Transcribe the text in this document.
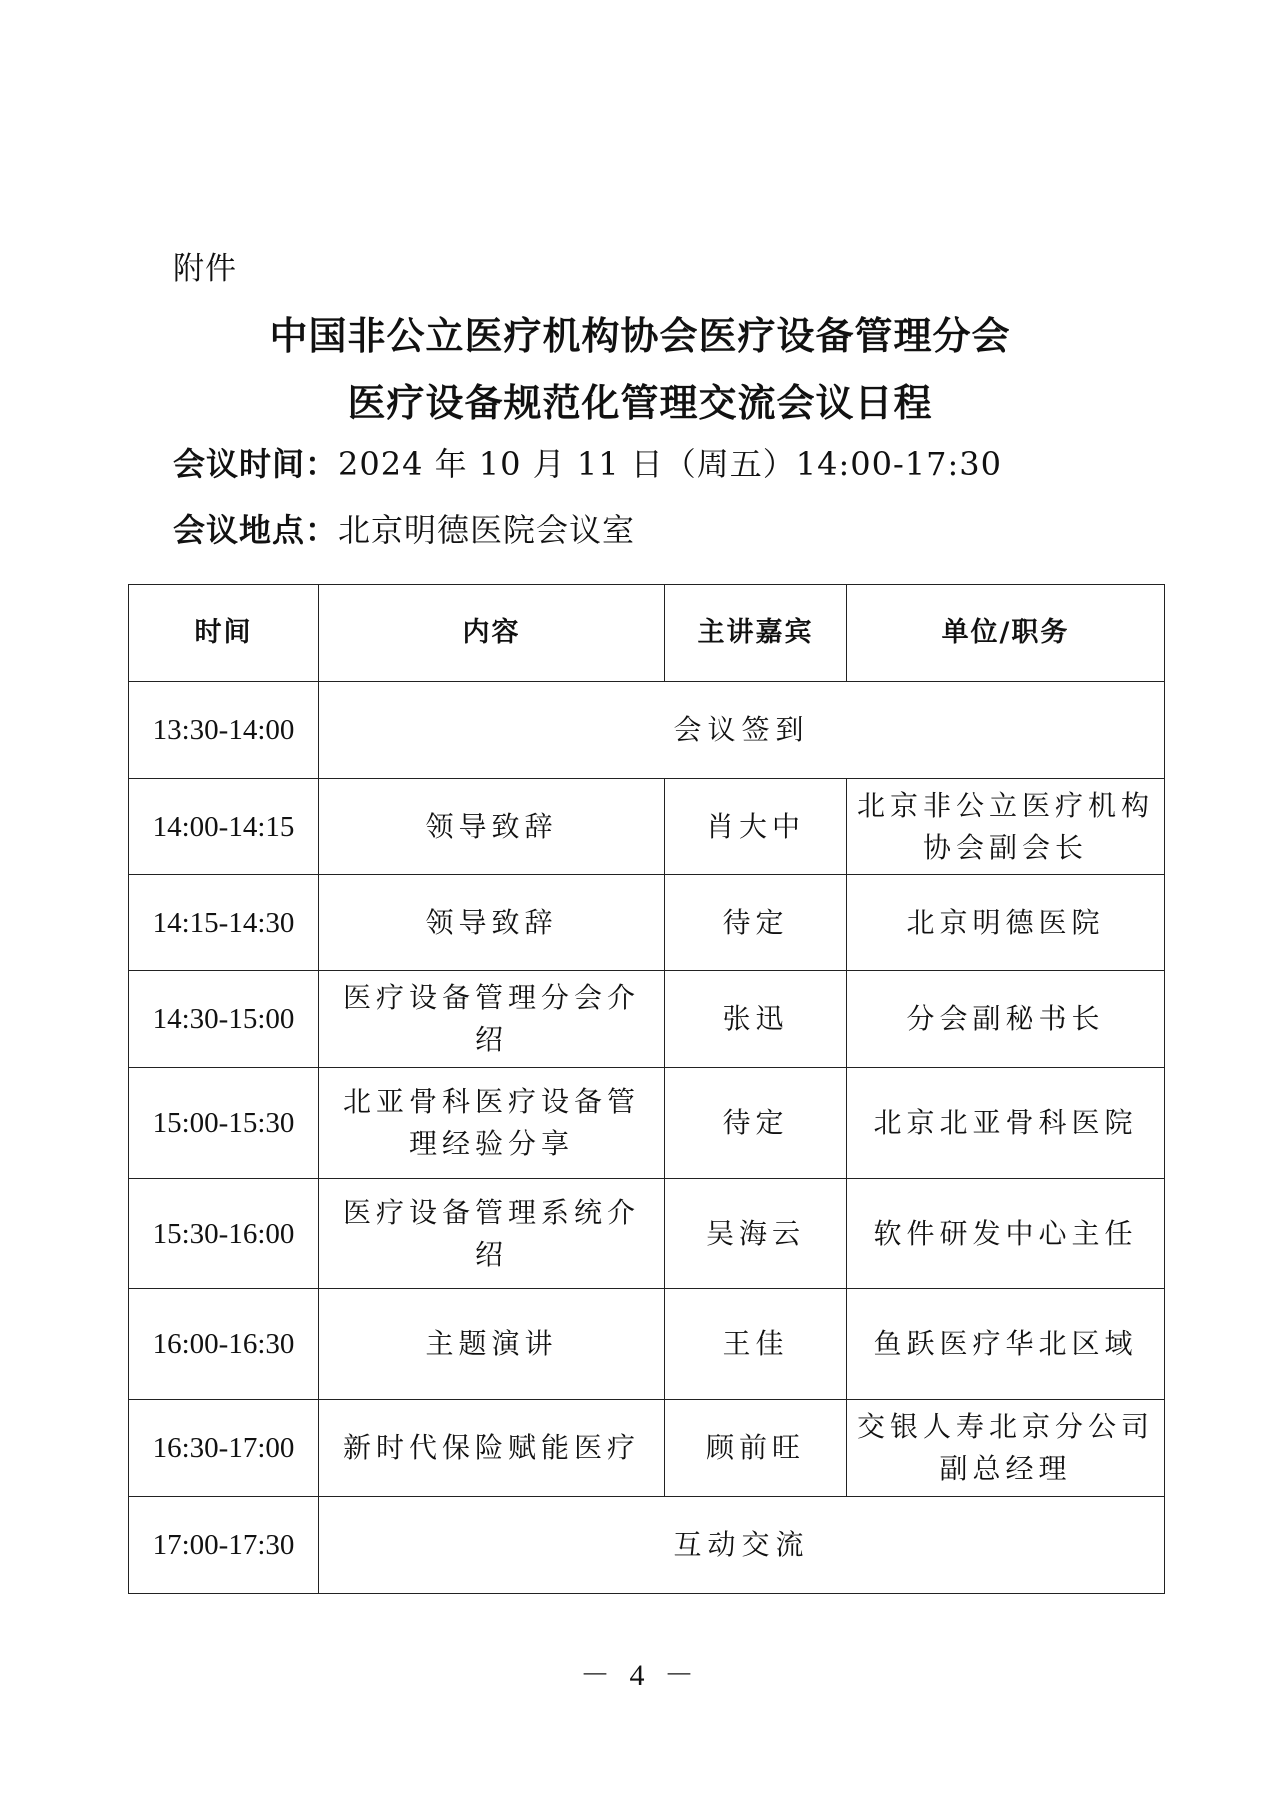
附件
中国非公立医疗机构协会医疗设备管理分会
医疗设备规范化管理交流会议日程
会议时间：2024 年 10 月 11 日（周五）14:00-17:30
会议地点：北京明德医院会议室
时间	内容	主讲嘉宾	单位/职务
13:30-14:00	会议签到		
14:00-14:15	领导致辞	肖大中	北京非公立医疗机构协会副会长
14:15-14:30	领导致辞	待定	北京明德医院
14:30-15:00	医疗设备管理分会介绍	张迅	分会副秘书长
15:00-15:30	北亚骨科医疗设备管理经验分享	待定	北京北亚骨科医院
15:30-16:00	医疗设备管理系统介绍	吴海云	软件研发中心主任
16:00-16:30	主题演讲	王佳	鱼跃医疗华北区域
16:30-17:00	新时代保险赋能医疗	顾前旺	交银人寿北京分公司副总经理
17:00-17:30	互动交流		
－ 4 －
